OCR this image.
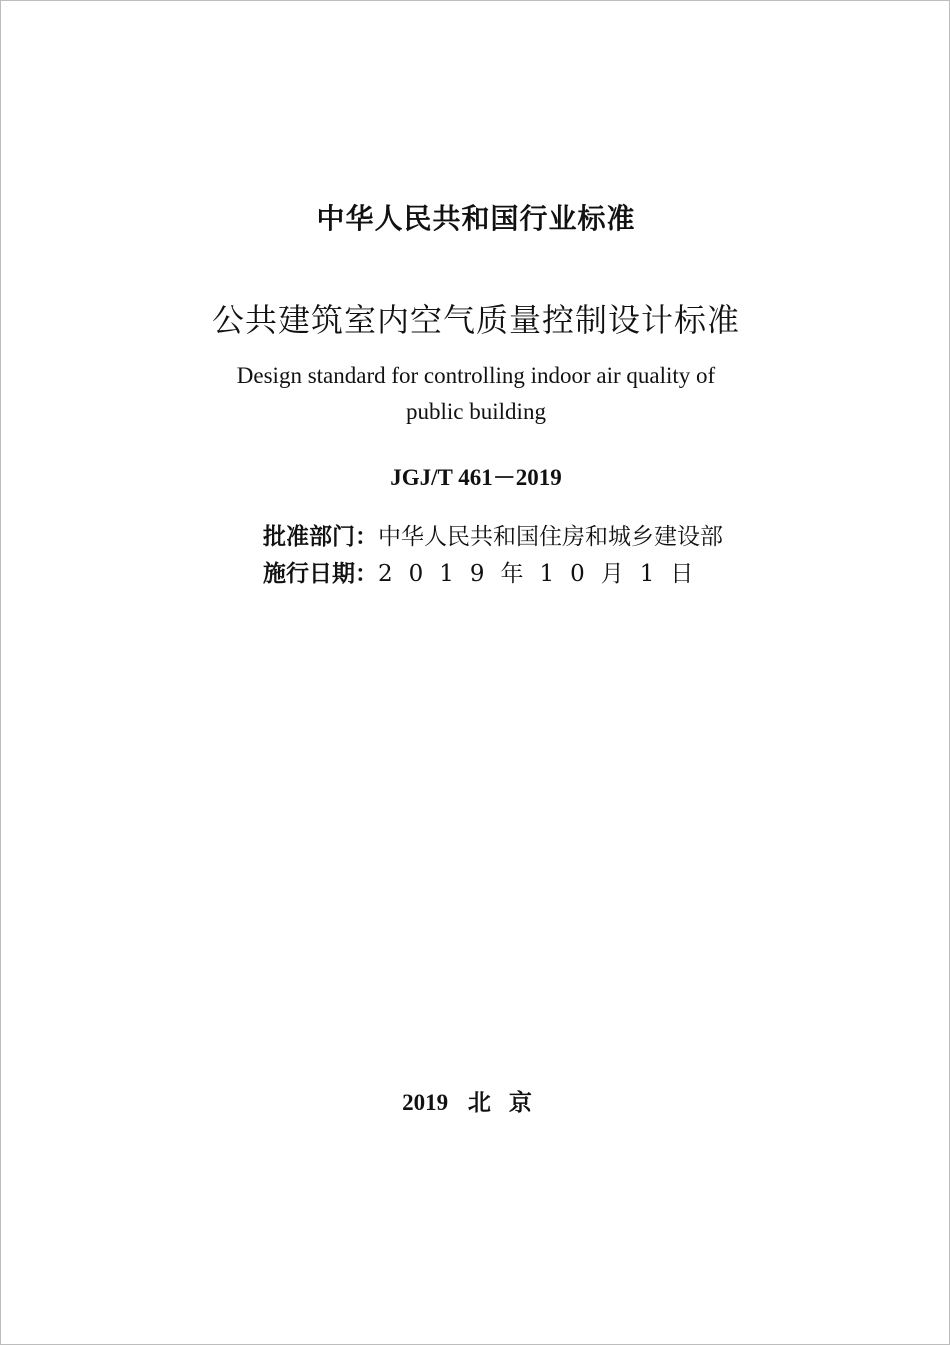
中华人民共和国行业标准
公共建筑室内空气质量控制设计标准
Design standard for controlling indoor air quality of
public building
JGJ/T 461－2019
批准部门：中华人民共和国住房和城乡建设部
施行日期：2019年10月1日
2019 北京
